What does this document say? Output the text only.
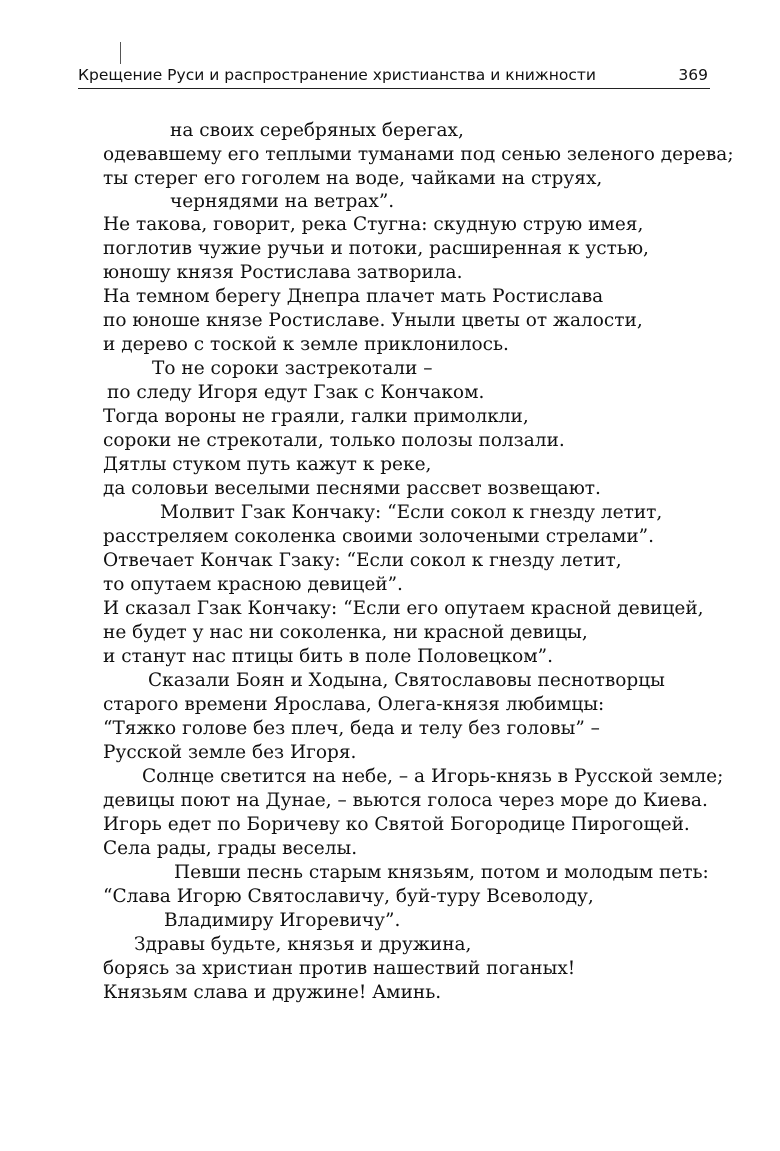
Крещение Руси и распространение христианства и книжности	369
на своих серебряных берегах,
одевавшему его теплыми туманами под сенью зеленого дерева;
ты стерег его гоголем на воде, чайками на струях,
чернядями на ветрах”.
Не такова, говорит, река Стугна: скудную струю имея,
поглотив чужие ручьи и потоки, расширенная к устью,
юношу князя Ростислава затворила.
На темном берегу Днепра плачет мать Ростислава
по юноше князе Ростиславе. Уныли цветы от жалости,
и дерево с тоской к земле приклонилось.
То не сороки застрекотали –
по следу Игоря едут Гзак с Кончаком.
Тогда вороны не граяли, галки примолкли,
сороки не стрекотали, только полозы ползали.
Дятлы стуком путь кажут к реке,
да соловьи веселыми песнями рассвет возвещают.
Молвит Гзак Кончаку: “Если сокол к гнезду летит,
расстреляем соколенка своими золочеными стрелами”.
Отвечает Кончак Гзаку: “Если сокол к гнезду летит,
то опутаем красною девицей”.
И сказал Гзак Кончаку: “Если его опутаем красной девицей,
не будет у нас ни соколенка, ни красной девицы,
и станут нас птицы бить в поле Половецком”.
Сказали Боян и Ходына, Святославовы песнотворцы
старого времени Ярослава, Олега-князя любимцы:
“Тяжко голове без плеч, беда и телу без головы” –
Русской земле без Игоря.
Солнце светится на небе, – а Игорь-князь в Русской земле;
девицы поют на Дунае, – вьются голоса через море до Киева.
Игорь едет по Боричеву ко Святой Богородице Пирогощей.
Села рады, грады веселы.
Певши песнь старым князьям, потом и молодым петь:
“Слава Игорю Святославичу, буй-туру Всеволоду,
Владимиру Игоревичу”.
Здравы будьте, князья и дружина,
борясь за христиан против нашествий поганых!
Князьям слава и дружине! Аминь.
